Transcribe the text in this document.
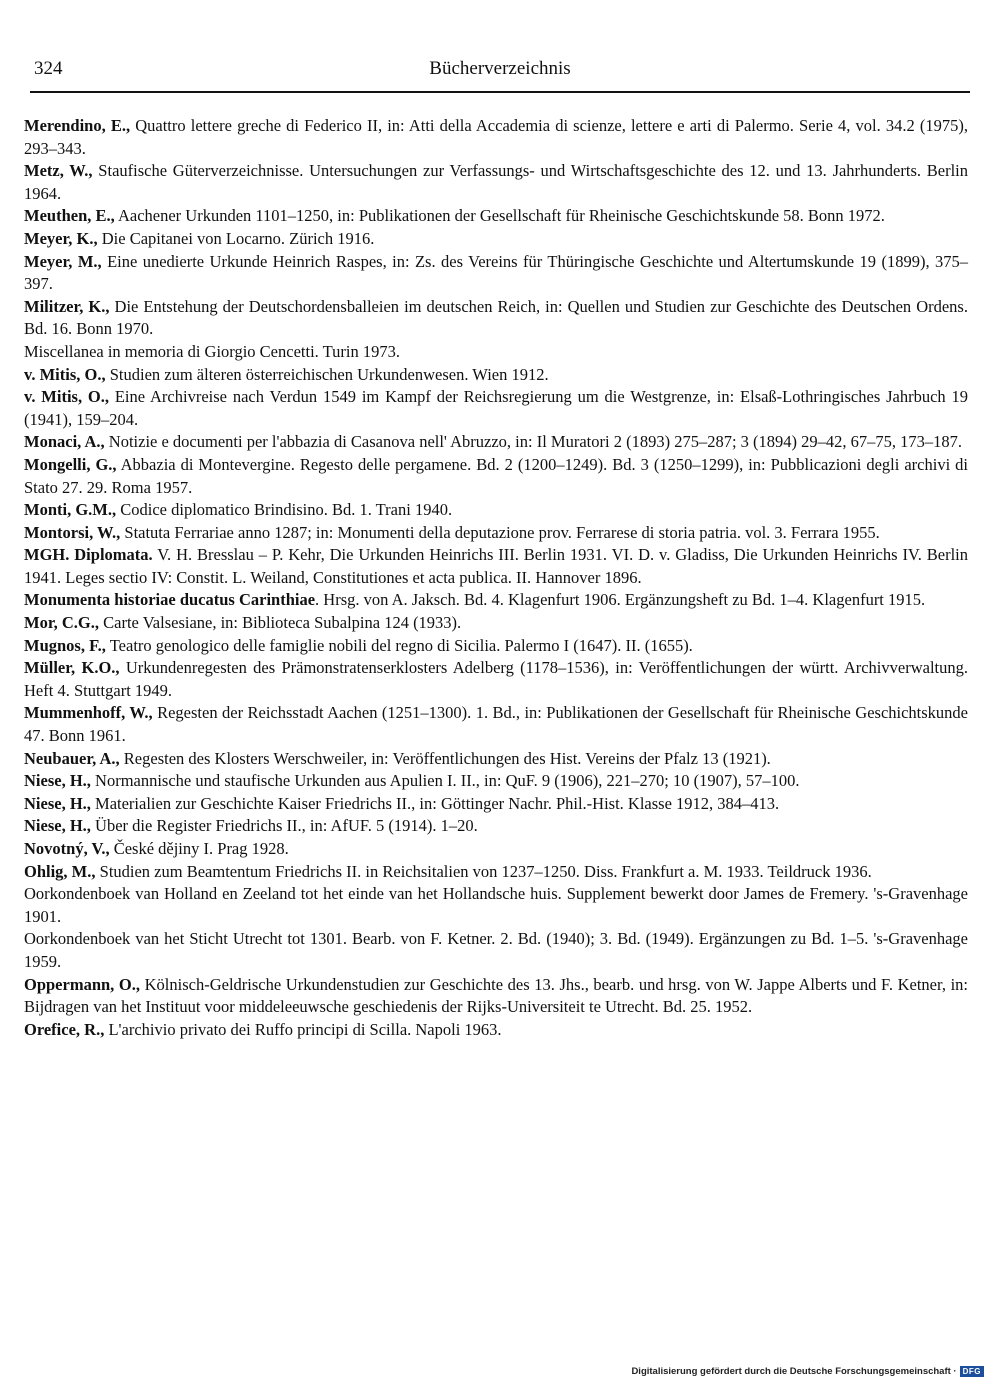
324	Bücherverzeichnis

Merendino, E., Quattro lettere greche di Federico II, in: Atti della Accademia di scienze, lettere e arti di Palermo. Serie 4, vol. 34.2 (1975), 293–343.

Metz, W., Staufische Güterverzeichnisse. Untersuchungen zur Verfassungs- und Wirtschaftsgeschichte des 12. und 13. Jahrhunderts. Berlin 1964.

Meuthen, E., Aachener Urkunden 1101–1250, in: Publikationen der Gesellschaft für Rheinische Geschichtskunde 58. Bonn 1972.

Meyer, K., Die Capitanei von Locarno. Zürich 1916.

Meyer, M., Eine unedierte Urkunde Heinrich Raspes, in: Zs. des Vereins für Thüringische Geschichte und Altertumskunde 19 (1899), 375–397.

Militzer, K., Die Entstehung der Deutschordensballeien im deutschen Reich, in: Quellen und Studien zur Geschichte des Deutschen Ordens. Bd. 16. Bonn 1970.

Miscellanea in memoria di Giorgio Cencetti. Turin 1973.

v. Mitis, O., Studien zum älteren österreichischen Urkundenwesen. Wien 1912.

v. Mitis, O., Eine Archivreise nach Verdun 1549 im Kampf der Reichsregierung um die Westgrenze, in: Elsaß-Lothringisches Jahrbuch 19 (1941), 159–204.

Monaci, A., Notizie e documenti per l'abbazia di Casanova nell' Abruzzo, in: Il Muratori 2 (1893) 275–287; 3 (1894) 29–42, 67–75, 173–187.

Mongelli, G., Abbazia di Montevergine. Regesto delle pergamene. Bd. 2 (1200–1249). Bd. 3 (1250–1299), in: Pubblicazioni degli archivi di Stato 27. 29. Roma 1957.

Monti, G.M., Codice diplomatico Brindisino. Bd. 1. Trani 1940.

Montorsi, W., Statuta Ferrariae anno 1287; in: Monumenti della deputazione prov. Ferrarese di storia patria. vol. 3. Ferrara 1955.

MGH. Diplomata. V. H. Bresslau – P. Kehr, Die Urkunden Heinrichs III. Berlin 1931. VI. D. v. Gladiss, Die Urkunden Heinrichs IV. Berlin 1941. Leges sectio IV: Constit. L. Weiland, Constitutiones et acta publica. II. Hannover 1896.

Monumenta historiae ducatus Carinthiae. Hrsg. von A. Jaksch. Bd. 4. Klagenfurt 1906. Ergänzungsheft zu Bd. 1–4. Klagenfurt 1915.

Mor, C.G., Carte Valsesiane, in: Biblioteca Subalpina 124 (1933).

Mugnos, F., Teatro genologico delle famiglie nobili del regno di Sicilia. Palermo I (1647). II. (1655).

Müller, K.O., Urkundenregesten des Prämonstratenserklosters Adelberg (1178–1536), in: Veröffentlichungen der württ. Archivverwaltung. Heft 4. Stuttgart 1949.

Mummenhoff, W., Regesten der Reichsstadt Aachen (1251–1300). 1. Bd., in: Publikationen der Gesellschaft für Rheinische Geschichtskunde 47. Bonn 1961.

Neubauer, A., Regesten des Klosters Werschweiler, in: Veröffentlichungen des Hist. Vereins der Pfalz 13 (1921).

Niese, H., Normannische und staufische Urkunden aus Apulien I. II., in: QuF. 9 (1906), 221–270; 10 (1907), 57–100.

Niese, H., Materialien zur Geschichte Kaiser Friedrichs II., in: Göttinger Nachr. Phil.-Hist. Klasse 1912, 384–413.

Niese, H., Über die Register Friedrichs II., in: AfUF. 5 (1914). 1–20.

Novotný, V., České dějiny I. Prag 1928.

Ohlig, M., Studien zum Beamtentum Friedrichs II. in Reichsitalien von 1237–1250. Diss. Frankfurt a. M. 1933. Teildruck 1936.

Oorkondenboek van Holland en Zeeland tot het einde van het Hollandsche huis. Supplement bewerkt door James de Fremery. 's-Gravenhage 1901.

Oorkondenboek van het Sticht Utrecht tot 1301. Bearb. von F. Ketner. 2. Bd. (1940); 3. Bd. (1949). Ergänzungen zu Bd. 1–5. 's-Gravenhage 1959.

Oppermann, O., Kölnisch-Geldrische Urkundenstudien zur Geschichte des 13. Jhs., bearb. und hrsg. von W. Jappe Alberts und F. Ketner, in: Bijdragen van het Instituut voor middeleeuwsche geschiedenis der Rijks-Universiteit te Utrecht. Bd. 25. 1952.

Orefice, R., L'archivio privato dei Ruffo principi di Scilla. Napoli 1963.

Digitalisierung gefördert durch die Deutsche Forschungsgemeinschaft · DFG
